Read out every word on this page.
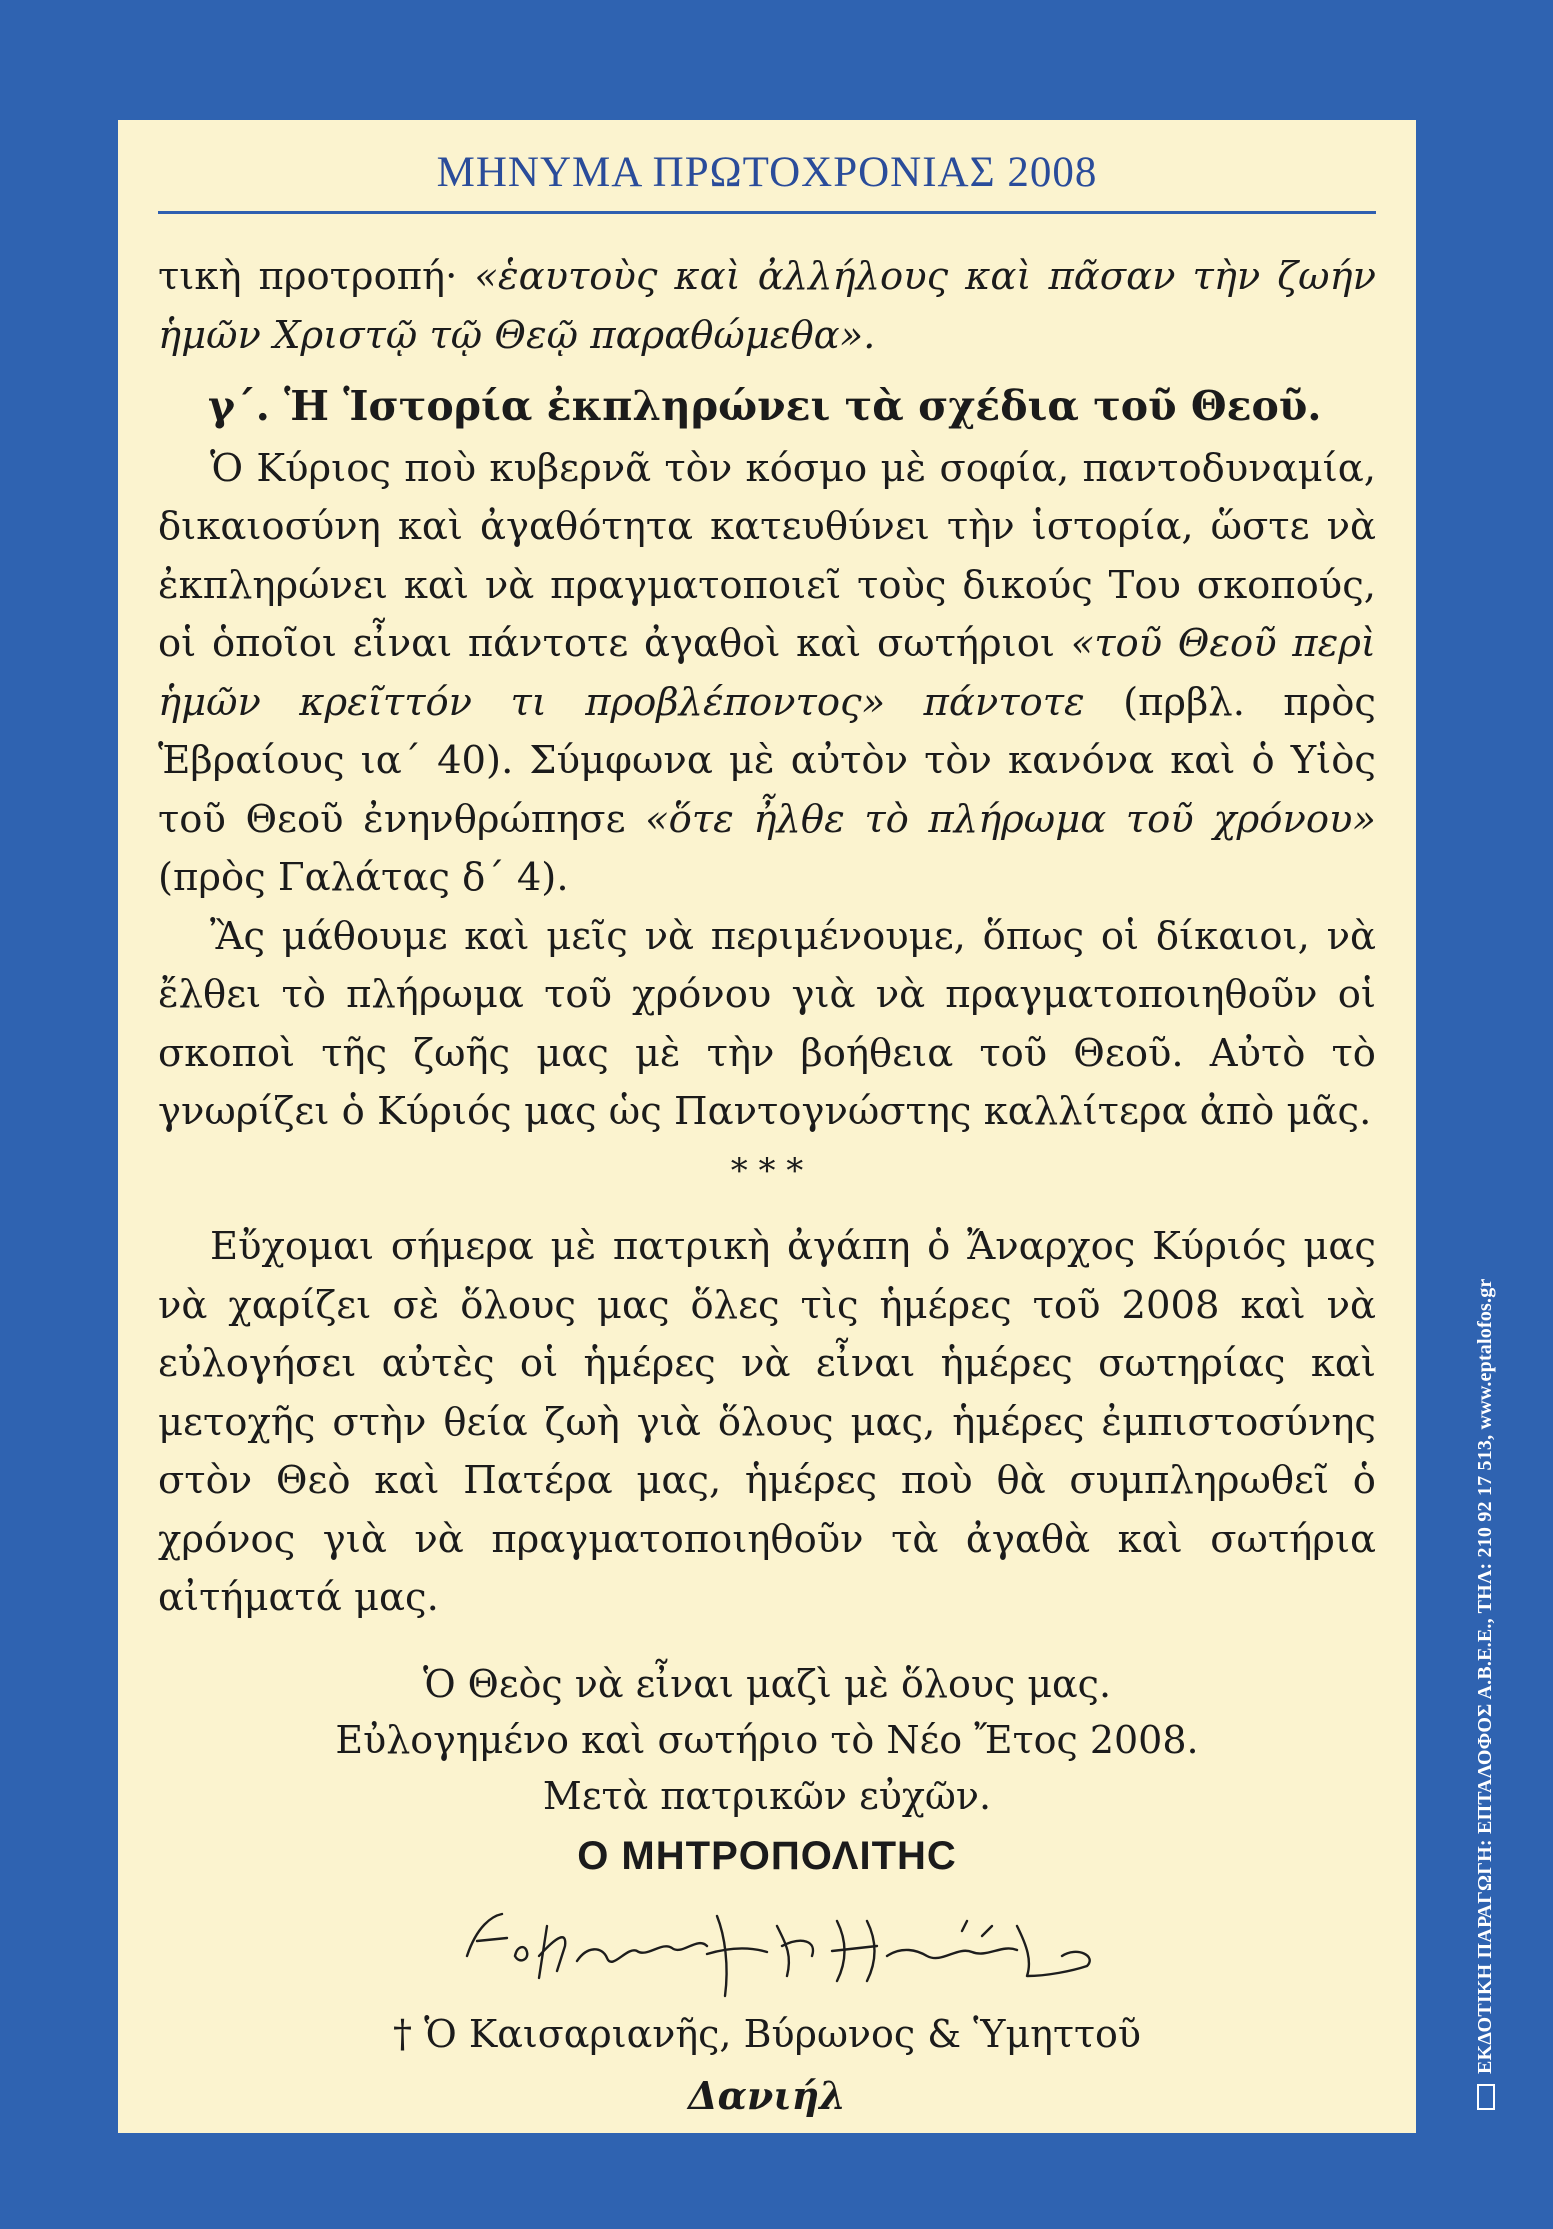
ΜΗΝΥΜΑ ΠΡΩΤΟΧΡΟΝΙΑΣ 2008

τικὴ προτροπή· «ἑαυτοὺς καὶ ἀλλήλους καὶ πᾶσαν τὴν ζωήν ἡμῶν Χριστῷ τῷ Θεῷ παραθώμεθα».

γ΄. Ἡ Ἱστορία ἐκπληρώνει τὰ σχέδια τοῦ Θεοῦ.

Ὁ Κύριος ποὺ κυβερνᾶ τὸν κόσμο μὲ σοφία, παντοδυναμία, δικαιοσύνη καὶ ἀγαθότητα κατευθύνει τὴν ἱστορία, ὥστε νὰ ἐκπληρώνει καὶ νὰ πραγματοποιεῖ τοὺς δικούς Του σκοπούς, οἱ ὁποῖοι εἶναι πάντοτε ἀγαθοὶ καὶ σωτήριοι «τοῦ Θεοῦ περὶ ἡμῶν κρεῖττόν τι προβλέποντος» πάντοτε (πρβλ. πρὸς Ἑβραίους ια΄ 40). Σύμφωνα μὲ αὐτὸν τὸν κανόνα καὶ ὁ Υἱὸς τοῦ Θεοῦ ἐνηνθρώπησε «ὅτε ἦλθε τὸ πλήρωμα τοῦ χρόνου» (πρὸς Γαλάτας δ΄ 4).

Ἂς μάθουμε καὶ μεῖς νὰ περιμένουμε, ὅπως οἱ δίκαιοι, νὰ ἔλθει τὸ πλήρωμα τοῦ χρόνου γιὰ νὰ πραγματοποιηθοῦν οἱ σκοποὶ τῆς ζωῆς μας μὲ τὴν βοήθεια τοῦ Θεοῦ. Αὐτὸ τὸ γνωρίζει ὁ Κύριός μας ὡς Παντογνώστης καλλίτερα ἀπὸ μᾶς.

* * *

Εὔχομαι σήμερα μὲ πατρικὴ ἀγάπη ὁ Ἄναρχος Κύριός μας νὰ χαρίζει σὲ ὅλους μας ὅλες τὶς ἡμέρες τοῦ 2008 καὶ νὰ εὐλογήσει αὐτὲς οἱ ἡμέρες νὰ εἶναι ἡμέρες σωτηρίας καὶ μετοχῆς στὴν θεία ζωὴ γιὰ ὅλους μας, ἡμέρες ἐμπιστοσύνης στὸν Θεὸ καὶ Πατέρα μας, ἡμέρες ποὺ θὰ συμπληρωθεῖ ὁ χρόνος γιὰ νὰ πραγματοποιηθοῦν τὰ ἀγαθὰ καὶ σωτήρια αἰτήματά μας.

Ὁ Θεὸς νὰ εἶναι μαζὶ μὲ ὅλους μας.

Εὐλογημένο καὶ σωτήριο τὸ Νέο Ἔτος 2008.

Μετὰ πατρικῶν εὐχῶν.

Ο ΜΗΤΡΟΠΟΛΙΤΗϹ

† Ὁ Καισαριανῆς, Βύρωνος & Ὑμηττοῦ

Δανιήλ

ΕΚΔΟΤΙΚΗ ΠΑΡΑΓΩΓΗ: ΕΠΤΑΛΟΦΟΣ Α.Β.Ε.Ε., ΤΗΛ: 210 92 17 513, www.eptalofos.gr
